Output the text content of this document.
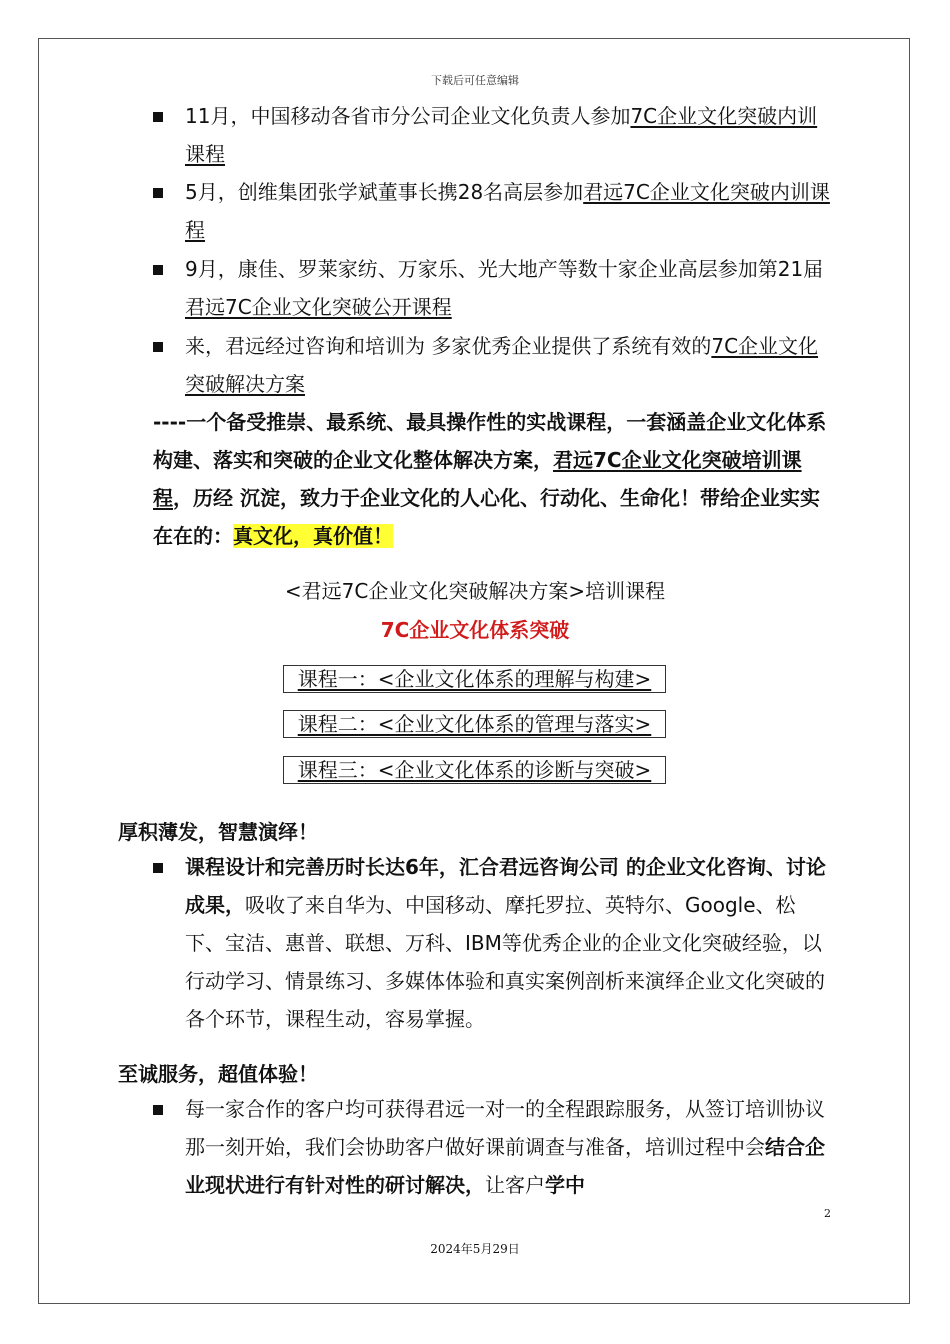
下载后可任意编辑
11月，中国移动各省市分公司企业文化负责人参加7C企业文化突破内训课程
5月，创维集团张学斌董事长携28名高层参加君远7C企业文化突破内训课程
9月，康佳、罗莱家纺、万家乐、光大地产等数十家企业高层参加第21届君远7C企业文化突破公开课程
来，君远经过咨询和培训为 多家优秀企业提供了系统有效的7C企业文化突破解决方案
----一个备受推崇、最系统、最具操作性的实战课程，一套涵盖企业文化体系构建、落实和突破的企业文化整体解决方案，君远7C企业文化突破培训课程，历经 沉淀，致力于企业文化的人心化、行动化、生命化！带给企业实实在在的：真文化，真价值！
<君远7C企业文化突破解决方案>培训课程
7C企业文化体系突破
课程一：<企业文化体系的理解与构建>
课程二：<企业文化体系的管理与落实>
课程三：<企业文化体系的诊断与突破>
厚积薄发，智慧演绎！
课程设计和完善历时长达6年，汇合君远咨询公司 的企业文化咨询、讨论成果，吸收了来自华为、中国移动、摩托罗拉、英特尔、Google、松下、宝洁、惠普、联想、万科、IBM等优秀企业的企业文化突破经验，以行动学习、情景练习、多媒体体验和真实案例剖析来演绎企业文化突破的各个环节，课程生动，容易掌握。
至诚服务，超值体验！
每一家合作的客户均可获得君远一对一的全程跟踪服务，从签订培训协议那一刻开始，我们会协助客户做好课前调查与准备，培训过程中会结合企业现状进行有针对性的研讨解决，让客户学中
2
2024年5月29日
